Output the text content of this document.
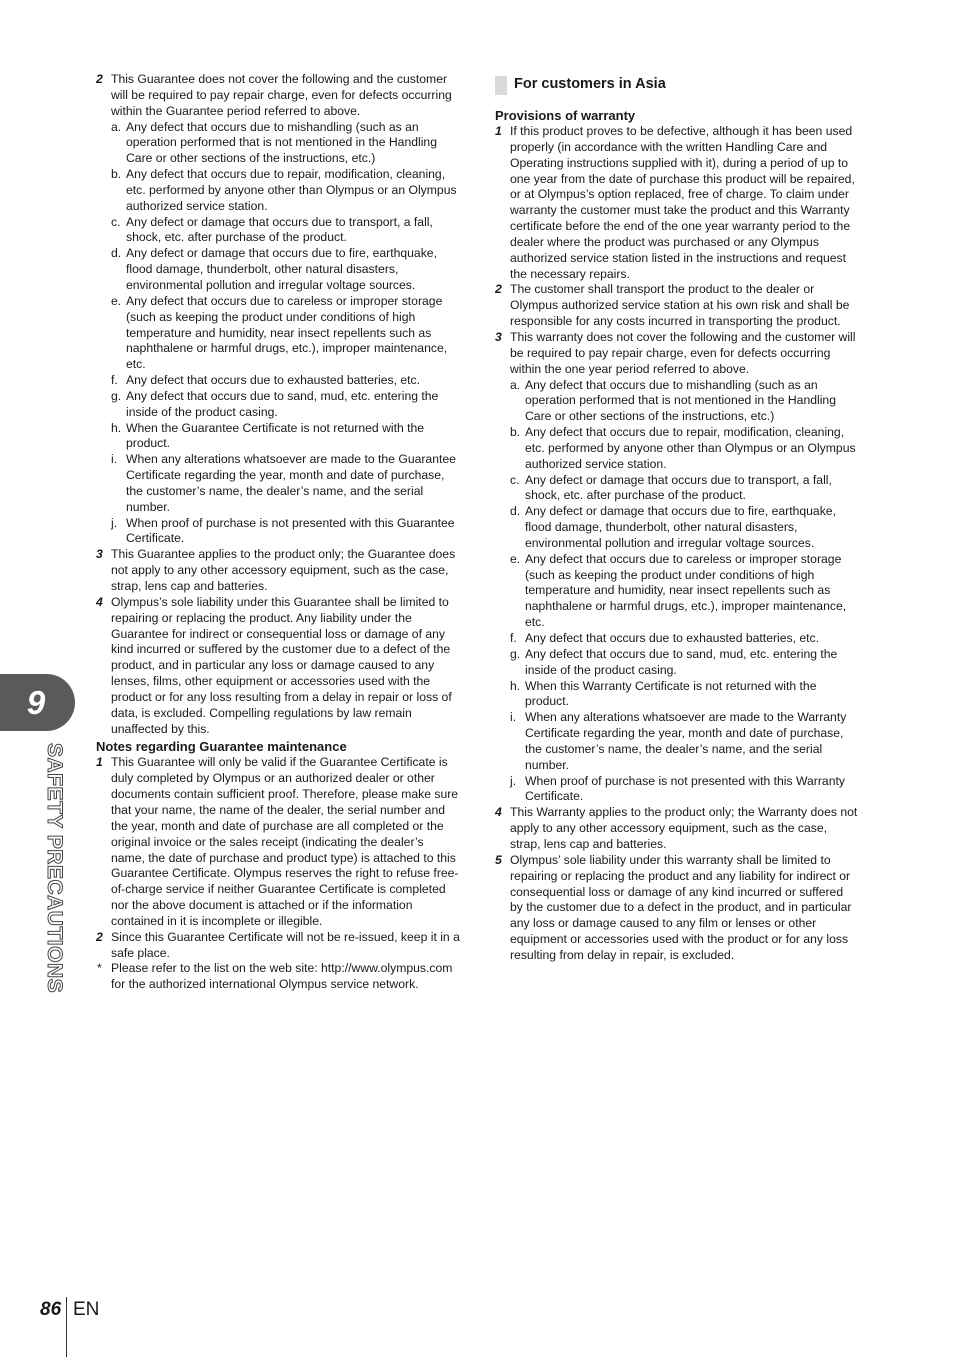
9
SAFETY PRECAUTIONS
2 This Guarantee does not cover the following and the customer will be required to pay repair charge, even for defects occurring within the Guarantee period referred to above.
a. Any defect that occurs due to mishandling (such as an operation performed that is not mentioned in the Handling Care or other sections of the instructions, etc.)
b. Any defect that occurs due to repair, modification, cleaning, etc. performed by anyone other than Olympus or an Olympus authorized service station.
c. Any defect or damage that occurs due to transport, a fall, shock, etc. after purchase of the product.
d. Any defect or damage that occurs due to fire, earthquake, flood damage, thunderbolt, other natural disasters, environmental pollution and irregular voltage sources.
e. Any defect that occurs due to careless or improper storage (such as keeping the product under conditions of high temperature and humidity, near insect repellents such as naphthalene or harmful drugs, etc.), improper maintenance, etc.
f. Any defect that occurs due to exhausted batteries, etc.
g. Any defect that occurs due to sand, mud, etc. entering the inside of the product casing.
h. When the Guarantee Certificate is not returned with the product.
i. When any alterations whatsoever are made to the Guarantee Certificate regarding the year, month and date of purchase, the customer’s name, the dealer’s name, and the serial number.
j. When proof of purchase is not presented with this Guarantee Certificate.
3 This Guarantee applies to the product only; the Guarantee does not apply to any other accessory equipment, such as the case, strap, lens cap and batteries.
4 Olympus’s sole liability under this Guarantee shall be limited to repairing or replacing the product. Any liability under the Guarantee for indirect or consequential loss or damage of any kind incurred or suffered by the customer due to a defect of the product, and in particular any loss or damage caused to any lenses, films, other equipment or accessories used with the product or for any loss resulting from a delay in repair or loss of data, is excluded. Compelling regulations by law remain unaffected by this.
Notes regarding Guarantee maintenance
1 This Guarantee will only be valid if the Guarantee Certificate is duly completed by Olympus or an authorized dealer or other documents contain sufficient proof. Therefore, please make sure that your name, the name of the dealer, the serial number and the year, month and date of purchase are all completed or the original invoice or the sales receipt (indicating the dealer’s name, the date of purchase and product type) is attached to this Guarantee Certificate. Olympus reserves the right to refuse free-of-charge service if neither Guarantee Certificate is completed nor the above document is attached or if the information contained in it is incomplete or illegible.
2 Since this Guarantee Certificate will not be re-issued, keep it in a safe place.
* Please refer to the list on the web site: http://www.olympus.com for the authorized international Olympus service network.
For customers in Asia
Provisions of warranty
1 If this product proves to be defective, although it has been used properly (in accordance with the written Handling Care and Operating instructions supplied with it), during a period of up to one year from the date of purchase this product will be repaired, or at Olympus’s option replaced, free of charge. To claim under warranty the customer must take the product and this Warranty certificate before the end of the one year warranty period to the dealer where the product was purchased or any Olympus authorized service station listed in the instructions and request the necessary repairs.
2 The customer shall transport the product to the dealer or Olympus authorized service station at his own risk and shall be responsible for any costs incurred in transporting the product.
3 This warranty does not cover the following and the customer will be required to pay repair charge, even for defects occurring within the one year period referred to above.
a. Any defect that occurs due to mishandling (such as an operation performed that is not mentioned in the Handling Care or other sections of the instructions, etc.)
b. Any defect that occurs due to repair, modification, cleaning, etc. performed by anyone other than Olympus or an Olympus authorized service station.
c. Any defect or damage that occurs due to transport, a fall, shock, etc. after purchase of the product.
d. Any defect or damage that occurs due to fire, earthquake, flood damage, thunderbolt, other natural disasters, environmental pollution and irregular voltage sources.
e. Any defect that occurs due to careless or improper storage (such as keeping the product under conditions of high temperature and humidity, near insect repellents such as naphthalene or harmful drugs, etc.), improper maintenance, etc.
f. Any defect that occurs due to exhausted batteries, etc.
g. Any defect that occurs due to sand, mud, etc. entering the inside of the product casing.
h. When this Warranty Certificate is not returned with the product.
i. When any alterations whatsoever are made to the Warranty Certificate regarding the year, month and date of purchase, the customer’s name, the dealer’s name, and the serial number.
j. When proof of purchase is not presented with this Warranty Certificate.
4 This Warranty applies to the product only; the Warranty does not apply to any other accessory equipment, such as the case, strap, lens cap and batteries.
5 Olympus’ sole liability under this warranty shall be limited to repairing or replacing the product and any liability for indirect or consequential loss or damage of any kind incurred or suffered by the customer due to a defect in the product, and in particular any loss or damage caused to any film or lenses or other equipment or accessories used with the product or for any loss resulting from delay in repair, is excluded.
86 EN
